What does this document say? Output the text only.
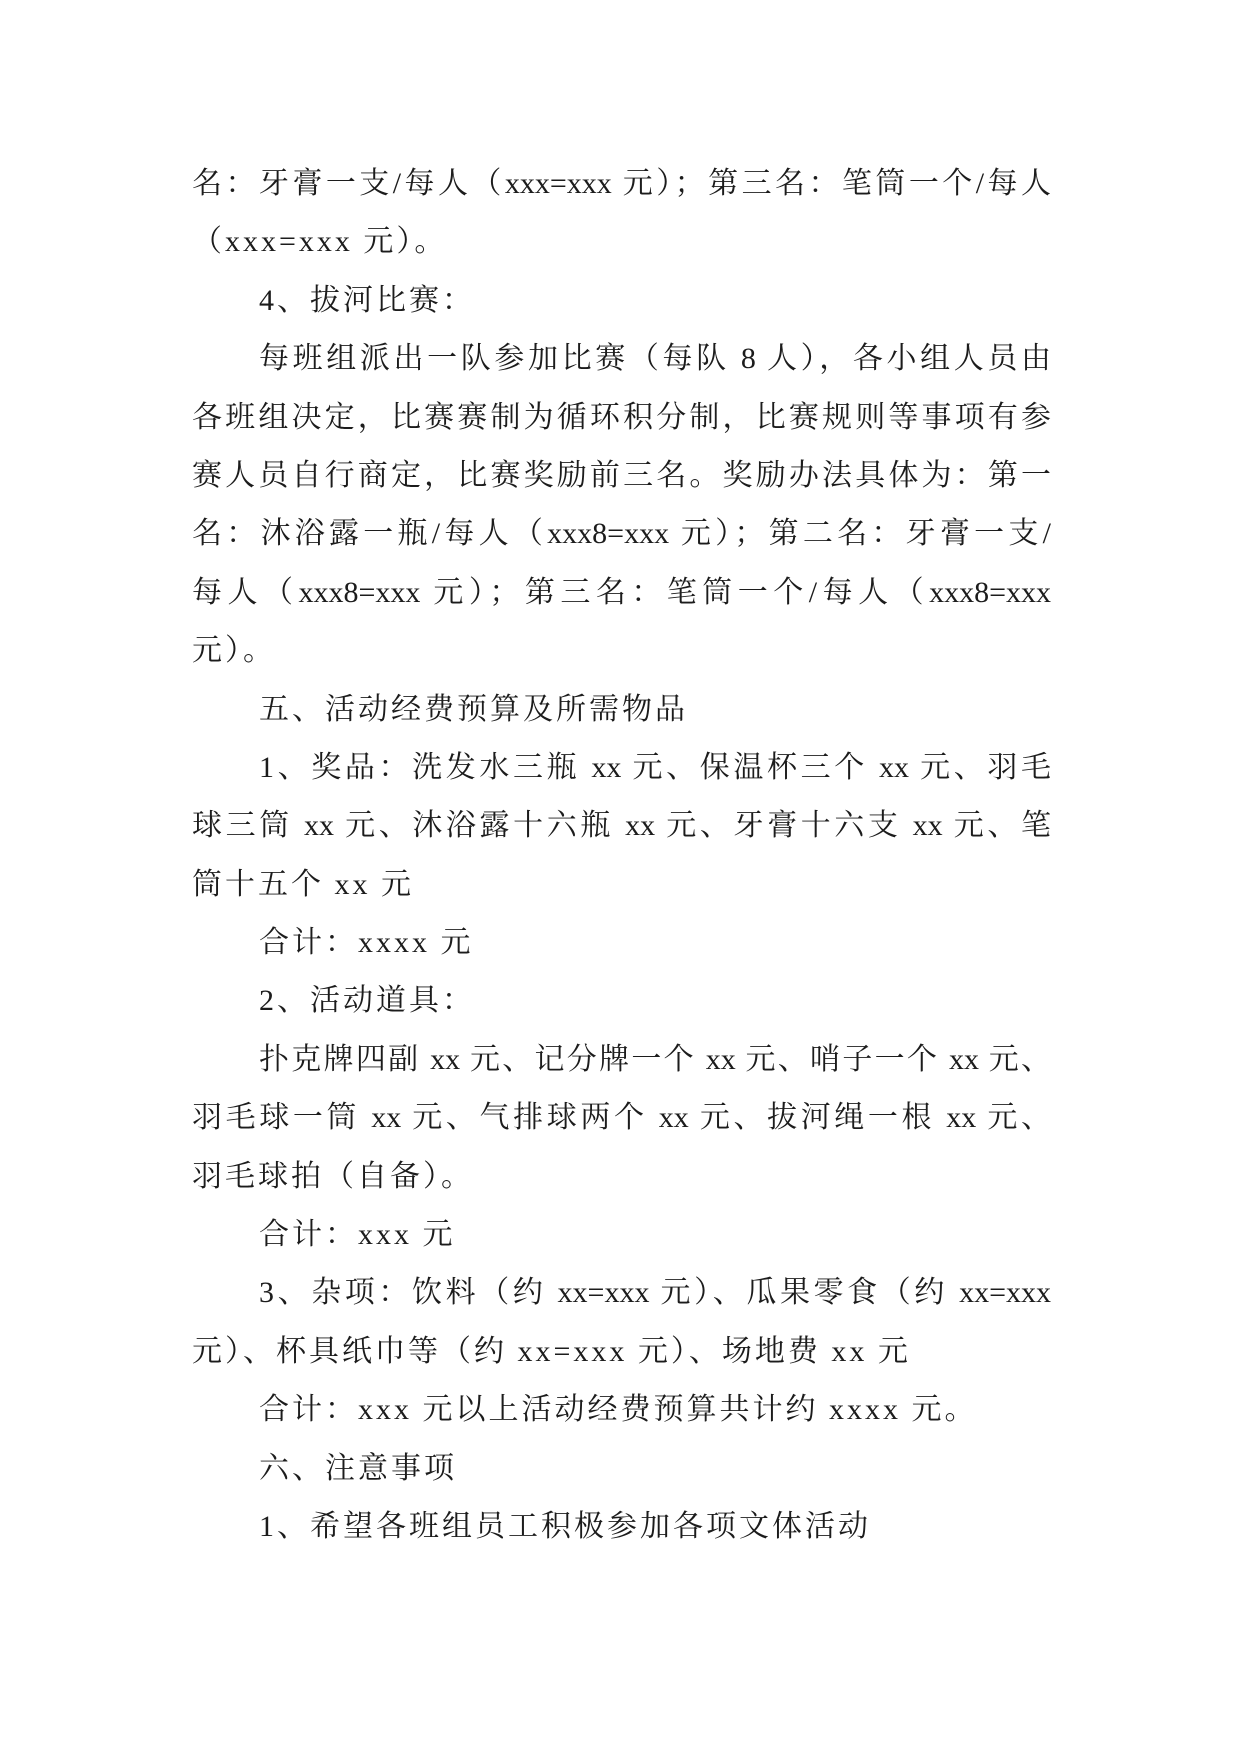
名：牙膏一支/每人（xxx=xxx 元）；第三名：笔筒一个/每人
（xxx=xxx 元）。
4、拔河比赛：
每班组派出一队参加比赛（每队 8 人），各小组人员由
各班组决定，比赛赛制为循环积分制，比赛规则等事项有参
赛人员自行商定，比赛奖励前三名。奖励办法具体为：第一
名：沐浴露一瓶/每人（xxx8=xxx 元）；第二名：牙膏一支/
每人（xxx8=xxx 元）；第三名：笔筒一个/每人（xxx8=xxx
元）。
五、活动经费预算及所需物品
1、奖品：洗发水三瓶 xx 元、保温杯三个 xx 元、羽毛
球三筒 xx 元、沐浴露十六瓶 xx 元、牙膏十六支 xx 元、笔
筒十五个 xx 元
合计：xxxx 元
2、活动道具：
扑克牌四副 xx 元、记分牌一个 xx 元、哨子一个 xx 元、
羽毛球一筒 xx 元、气排球两个 xx 元、拔河绳一根 xx 元、
羽毛球拍（自备）。
合计：xxx 元
3、杂项：饮料（约 xx=xxx 元）、瓜果零食（约 xx=xxx
元）、杯具纸巾等（约 xx=xxx 元）、场地费 xx 元
合计：xxx 元以上活动经费预算共计约 xxxx 元。
六、注意事项
1、希望各班组员工积极参加各项文体活动
